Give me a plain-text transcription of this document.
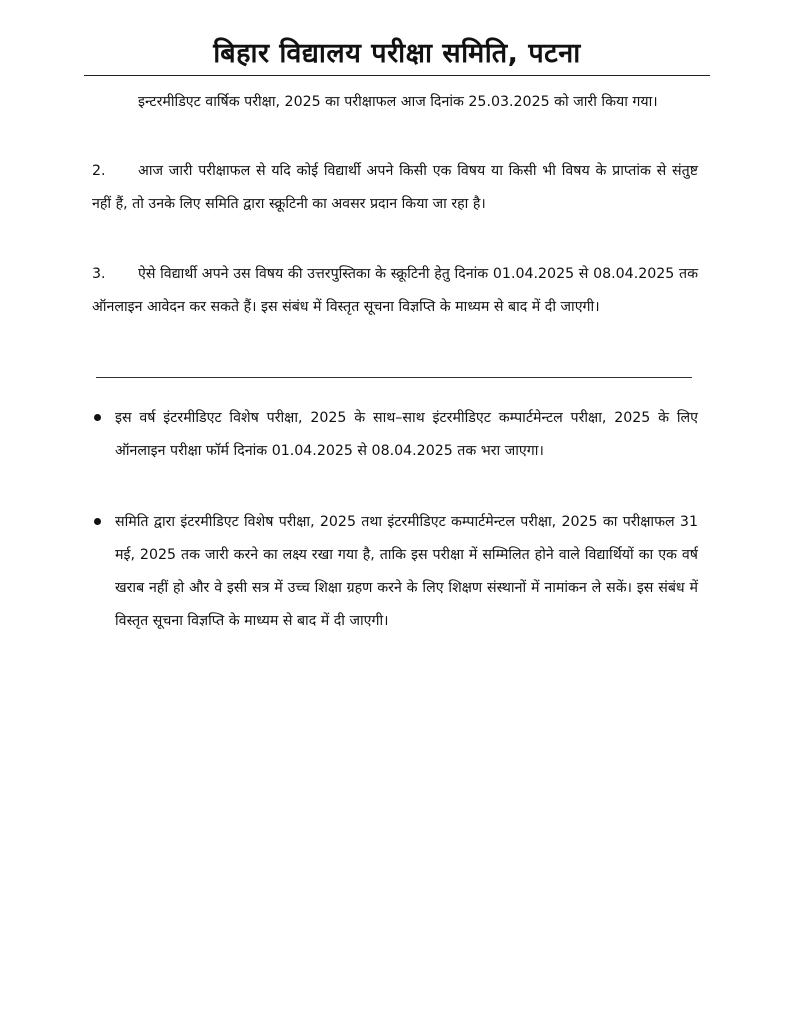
बिहार विद्यालय परीक्षा समिति, पटना

इन्टरमीडिएट वार्षिक परीक्षा, 2025 का परीक्षाफल आज दिनांक 25.03.2025 को जारी किया गया।

2. आज जारी परीक्षाफल से यदि कोई विद्यार्थी अपने किसी एक विषय या किसी भी विषय के प्राप्तांक से संतुष्ट नहीं हैं, तो उनके लिए समिति द्वारा स्क्रूटिनी का अवसर प्रदान किया जा रहा है।

3. ऐसे विद्यार्थी अपने उस विषय की उत्तरपुस्तिका के स्क्रूटिनी हेतु दिनांक 01.04.2025 से 08.04.2025 तक ऑनलाइन आवेदन कर सकते हैं। इस संबंध में विस्तृत सूचना विज्ञप्ति के माध्यम से बाद में दी जाएगी।

इस वर्ष इंटरमीडिएट विशेष परीक्षा, 2025 के साथ–साथ इंटरमीडिएट कम्पार्टमेन्टल परीक्षा, 2025 के लिए ऑनलाइन परीक्षा फॉर्म दिनांक 01.04.2025 से 08.04.2025 तक भरा जाएगा।
समिति द्वारा इंटरमीडिएट विशेष परीक्षा, 2025 तथा इंटरमीडिएट कम्पार्टमेन्टल परीक्षा, 2025 का परीक्षाफल 31 मई, 2025 तक जारी करने का लक्ष्य रखा गया है, ताकि इस परीक्षा में सम्मिलित होने वाले विद्यार्थियों का एक वर्ष खराब नहीं हो और वे इसी सत्र में उच्च शिक्षा ग्रहण करने के लिए शिक्षण संस्थानों में नामांकन ले सकें। इस संबंध में विस्तृत सूचना विज्ञप्ति के माध्यम से बाद में दी जाएगी।
